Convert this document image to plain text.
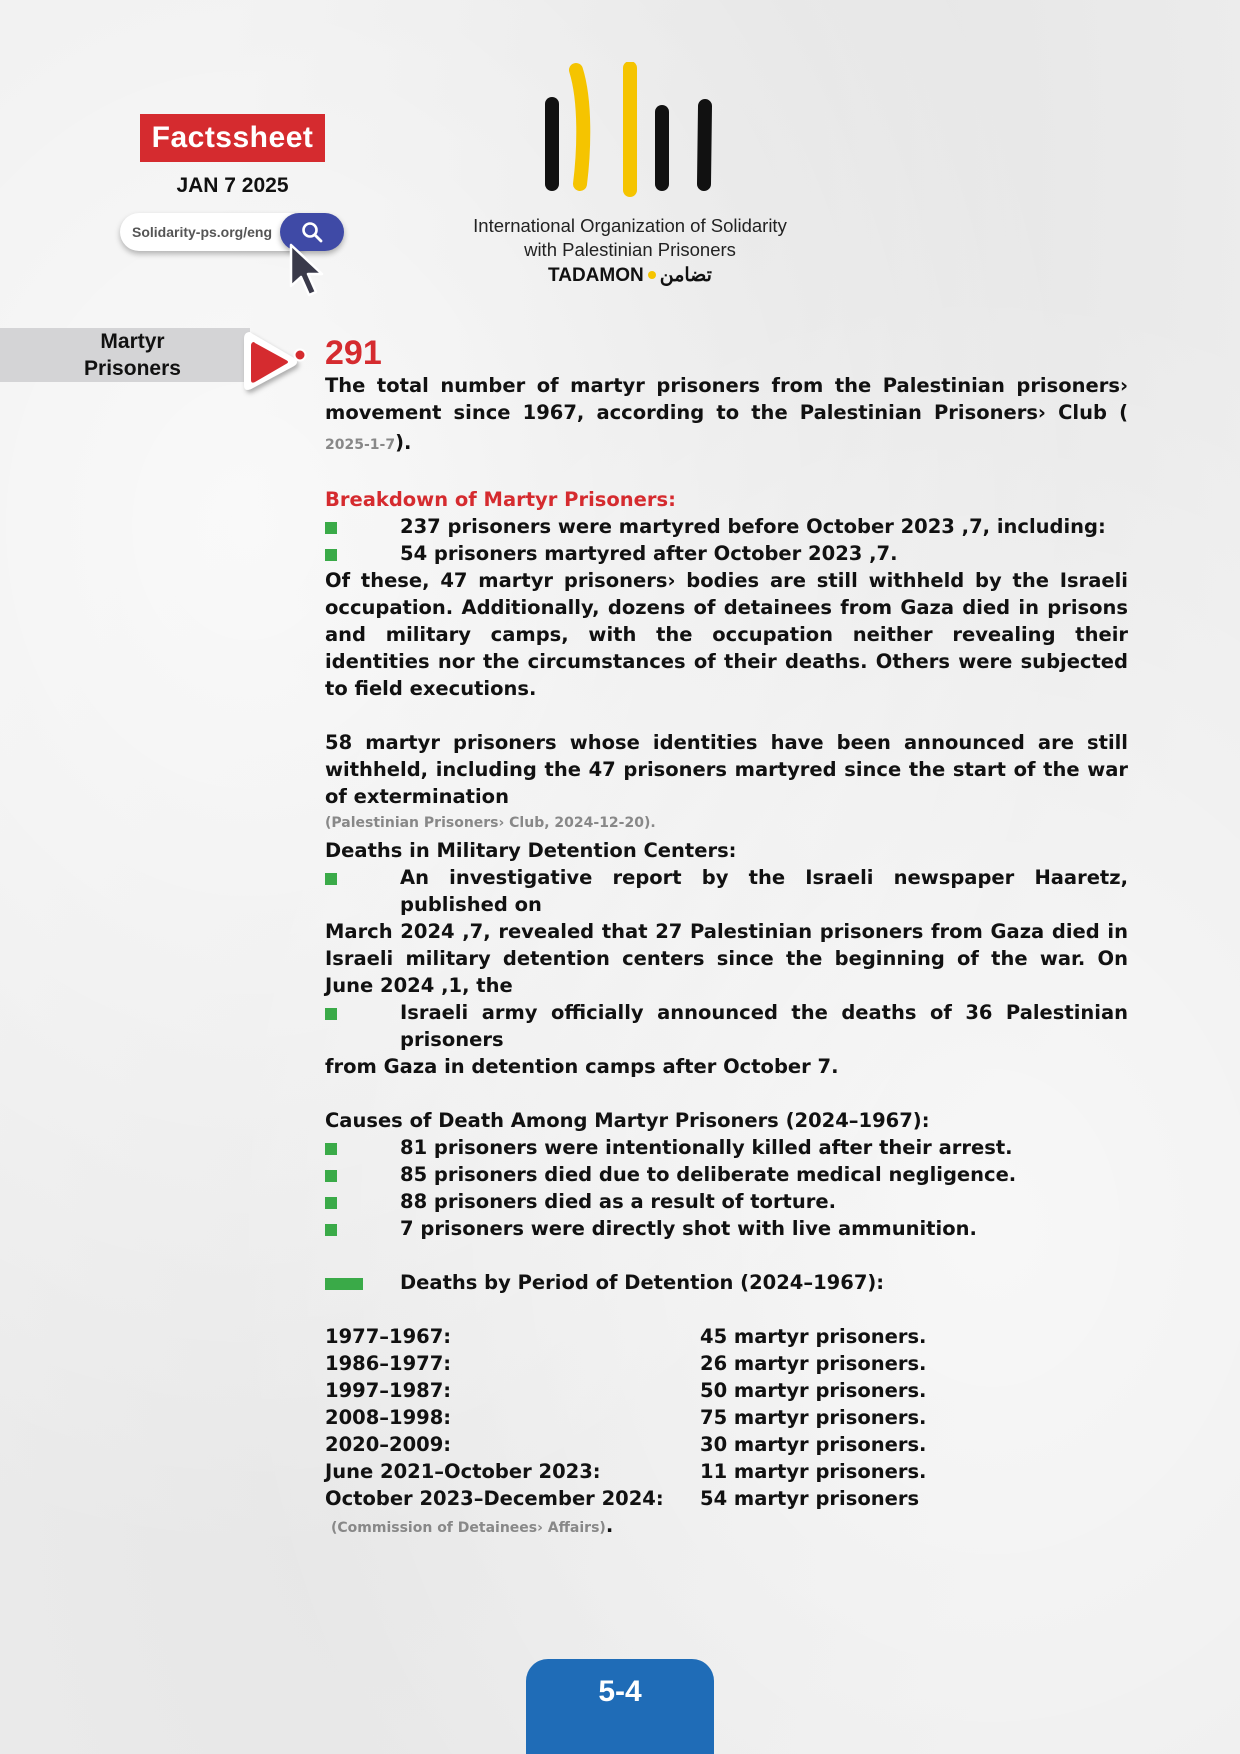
Factssheet
JAN 7 2025
Solidarity-ps.org/eng	International Organization of Solidarity
with Palestinian Prisoners
TADAMON تضامن
Martyr
Prisoners	291

The total number of martyr prisoners from the Palestinian prisoners› movement since 1967, according to the Palestinian Prisoners› Club ( 2025-1-7).

Breakdown of Martyr Prisoners:

237 prisoners were martyred before October 2023 ,7, including:

54 prisoners martyred after October 2023 ,7.

Of these, 47 martyr prisoners› bodies are still withheld by the Israeli occupation. Additionally, dozens of detainees from Gaza died in prisons and military camps, with the occupation neither revealing their identities nor the circumstances of their deaths. Others were subjected to field executions.

58 martyr prisoners whose identities have been announced are still withheld, including the 47 prisoners martyred since the start of the war of extermination

(Palestinian Prisoners› Club, 2024-12-20).
Deaths in Military Detention Centers:

An investigative report by the Israeli newspaper Haaretz, published on

March 2024 ,7, revealed that 27 Palestinian prisoners from Gaza died in Israeli military detention centers since the beginning of the war. On June 2024 ,1, the

Israeli army officially announced the deaths of 36 Palestinian prisoners

from Gaza in detention camps after October 7.

Causes of Death Among Martyr Prisoners (2024–1967):

81 prisoners were intentionally killed after their arrest.

85 prisoners died due to deliberate medical negligence.

88 prisoners died as a result of torture.

7 prisoners were directly shot with live ammunition.

Deaths by Period of Detention (2024–1967):

1977–1967:	45 martyr prisoners.
1986–1977:	26 martyr prisoners.
1997–1987:	50 martyr prisoners.
2008–1998:	75 martyr prisoners.
2020–2009:	30 martyr prisoners.
June 2021–October 2023:	11 martyr prisoners.
October 2023–December 2024:	54 martyr prisoners
(Commission of Detainees› Affairs).
5-4
